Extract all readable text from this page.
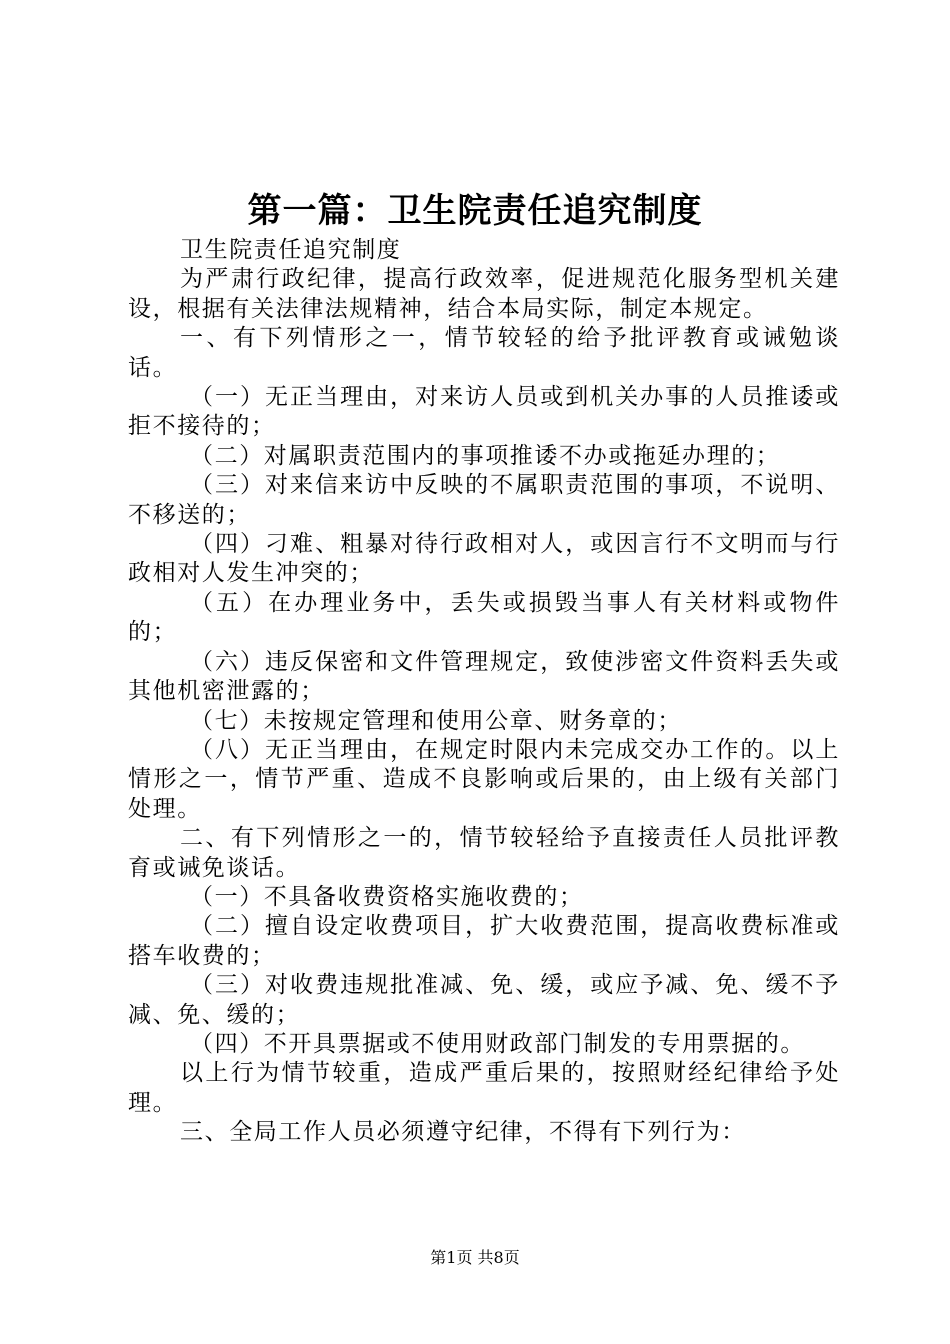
第一篇：卫生院责任追究制度

卫生院责任追究制度

为严肃行政纪律，提高行政效率，促进规范化服务型机关建设，根据有关法律法规精神，结合本局实际，制定本规定。

一、有下列情形之一，情节较轻的给予批评教育或诫勉谈话。

（一）无正当理由，对来访人员或到机关办事的人员推诿或拒不接待的；

（二）对属职责范围内的事项推诿不办或拖延办理的；

（三）对来信来访中反映的不属职责范围的事项，不说明、不移送的；

（四）刁难、粗暴对待行政相对人，或因言行不文明而与行政相对人发生冲突的；

（五）在办理业务中，丢失或损毁当事人有关材料或物件的；

（六）违反保密和文件管理规定，致使涉密文件资料丢失或其他机密泄露的；

（七）未按规定管理和使用公章、财务章的；

（八）无正当理由，在规定时限内未完成交办工作的。以上情形之一，情节严重、造成不良影响或后果的，由上级有关部门处理。

二、有下列情形之一的，情节较轻给予直接责任人员批评教育或诫免谈话。

（一）不具备收费资格实施收费的；

（二）擅自设定收费项目，扩大收费范围，提高收费标准或搭车收费的；

（三）对收费违规批准减、免、缓，或应予减、免、缓不予减、免、缓的；

（四）不开具票据或不使用财政部门制发的专用票据的。

以上行为情节较重，造成严重后果的，按照财经纪律给予处理。

三、全局工作人员必须遵守纪律，不得有下列行为：

第1页 共8页
